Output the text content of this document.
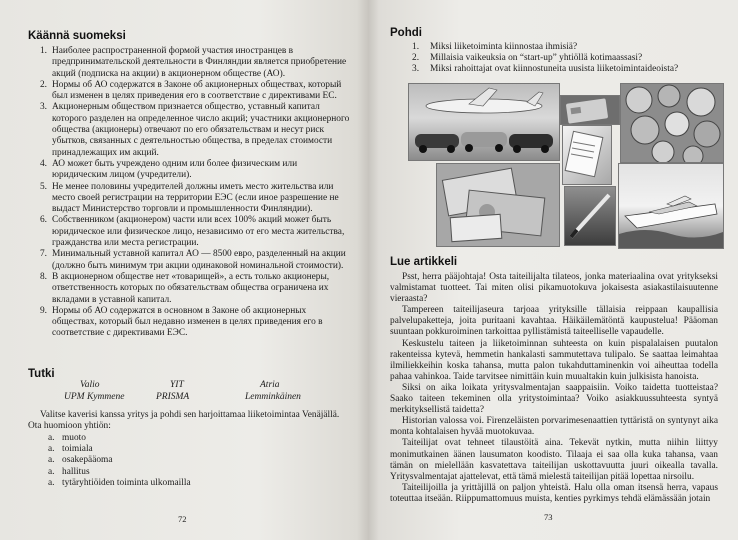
Käännä suomeksi
1. Наиболее распространенной формой участия иностранцев в предпринимательской деятельности в Финляндии является приобретение акций (подписка на акции) в акционерном обществе (АО).
2. Нормы об АО содержатся в Законе об акционерных обществах, который был изменен в целях приведения его в соответствие с директивами ЕС.
3. Акционерным обществом признается общество, уставный капитал которого разделен на определенное число акций; участники акционерного общества (акционеры) отвечают по его обязательствам и несут риск убытков, связанных с деятельностью общества, в пределах стоимости принадлежащих им акций.
4. АО может быть учреждено одним или более физическим или юридическим лицом (учредители).
5. Не менее половины учредителей должны иметь место жительства или место своей регистрации на территории ЕЭС (если иное разрешение не выдаст Министерство торговли и промышленности Финляндии).
6. Собственником (акционером) части или всех 100% акций может быть юридическое или физическое лицо, независимо от его места жительства, гражданства или места регистрации.
7. Минимальный уставной капитал АО — 8500 евро, разделенный на акции (должно быть минимум три акции одинаковой номинальной стоимости).
8. В акционерном обществе нет «товарищей», а есть только акционеры, ответственность которых по обязательствам общества ограничена их вкладами в уставной капитал.
9. Нормы об АО содержатся в основном в Законе об акционерных обществах, который был недавно изменен в целях приведения его в соответствие с директивами ЕЭС.
Tutki
Valio	YIT	Atria
UPM Kymmene	PRISMA	Lemminkäinen
Valitse kaverisi kanssa yritys ja pohdi sen harjoittamaa liiketoimintaa Venäjällä.
Ota huomioon yhtiön:
a. muoto
a. toimiala
a. osakepääoma
a. hallitus
a. tytäryhtiöiden toiminta ulkomailla
72
Pohdi
1. Miksi liiketoiminta kiinnostaa ihmisiä?
2. Millaisia vaikeuksia on “start-up” yhtiöllä kotimaassasi?
3. Miksi rahoittajat ovat kiinnostuneita uusista liiketoimintaideoista?
Lue artikkeli

Psst, herra pääjohtaja! Osta taiteilijalta tilateos, jonka materiaalina ovat yritykseksi valmistamat tuotteet. Tai miten olisi pikamuotokuva jokaisesta asiakastilaisuutenne vieraasta?

Tampereen taiteilijaseura tarjoaa yrityksille tällaisia reippaan kaupallisia palvelupaketteja, joita puritaani kavahtaa. Häikäilemätöntä kaupustelua! Pääoman suuntaan pokkuroiminen tarkoittaa pyllistämistä taiteelliselle vapaudelle.

Keskustelu taiteen ja liiketoiminnan suhteesta on kuin pispalalaisen puutalon rakenteissa kytevä, hemmetin hankalasti sammutettava tulipalo. Se saattaa leimahtaa ilmiliekkeihin koska tahansa, mutta palon tukahduttaminenkin voi aiheuttaa todella pahaa vahinkoa. Taide tarvitsee nimittäin kuin muualtakin kuin julkisista hanoista.

Siksi on aika loikata yritysvalmentajan saappaisiin. Voiko taidetta tuotteistaa? Saako taiteen tekeminen olla yritystoimintaa? Voiko asiakkuussuhteesta syntyä merkityksellistä taidetta?

Historian valossa voi. Firenzeläisten porvarimesenaattien tyttäristä on syntynyt aika monta kohtalaisen hyvää muotokuvaa.

Taiteilijat ovat tehneet tilaustöitä aina. Tekevät nytkin, mutta niihin liittyy monimutkainen äänen lausumaton koodisto. Tilaaja ei saa olla kuka tahansa, vaan tämän on mielellään kasvatettava taiteilijan uskottavuutta juuri oikealla tavalla. Yritysvalmentajat ajattelevat, että tämä mielestä taiteilijan pitää lopettaa nirsoilu.

Taiteilijoilla ja yrittäjillä on paljon yhteistä. Halu olla oman itsensä herra, vapaus toteuttaa itseään. Riippumattomuus muista, kenties pyrkimys tehdä elämässään jotain

73
